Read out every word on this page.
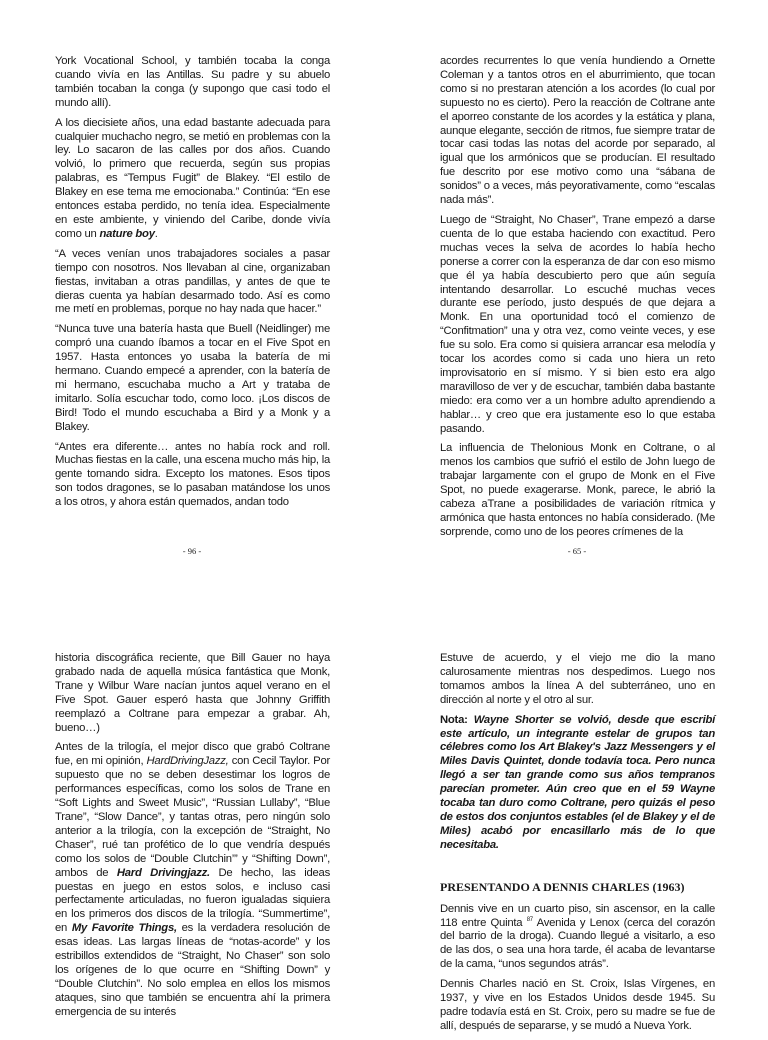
York Vocational School, y también tocaba la conga cuando vivía en las Antillas. Su padre y su abuelo también tocaban la conga (y supongo que casi todo el mundo allí).

A los diecisiete años, una edad bastante adecuada para cualquier muchacho negro, se metió en problemas con la ley. Lo sacaron de las calles por dos años. Cuando volvió, lo primero que recuerda, según sus propias palabras, es “Tempus Fugit” de Blakey. “El estilo de Blakey en ese tema me emocionaba.” Continúa: “En ese entonces estaba perdido, no tenía idea. Especialmente en este ambiente, y viniendo del Caribe, donde vivía como un nature boy.

“A veces venían unos trabajadores sociales a pasar tiempo con nosotros. Nos llevaban al cine, organizaban fiestas, invitaban a otras pandillas, y antes de que te dieras cuenta ya habían desarmado todo. Así es como me metí en problemas, porque no hay nada que hacer.”

“Nunca tuve una batería hasta que Buell (Neidlinger) me compró una cuando íbamos a tocar en el Five Spot en 1957. Hasta entonces yo usaba la batería de mi hermano. Cuando empecé a aprender, con la batería de mi hermano, escuchaba mucho a Art y trataba de imitarlo. Solía escuchar todo, como loco. ¡Los discos de Bird! Todo el mundo escuchaba a Bird y a Monk y a Blakey.

“Antes era diferente… antes no había rock and roll. Muchas fiestas en la calle, una escena mucho más hip, la gente tomando sidra. Excepto los matones. Esos tipos son todos dragones, se lo pasaban matándose los unos a los otros, y ahora están quemados, andan todo

- 96 -

acordes recurrentes lo que venía hundiendo a Ornette Coleman y a tantos otros en el aburrimiento, que tocan como si no prestaran atención a los acordes (lo cual por supuesto no es cierto). Pero la reacción de Coltrane ante el aporreo constante de los acordes y la estática y plana, aunque elegante, sección de ritmos, fue siempre tratar de tocar casi todas las notas del acorde por separado, al igual que los armónicos que se producían. El resultado fue descrito por ese motivo como una “sábana de sonidos” o a veces, más peyorativamente, como “escalas nada más”.

Luego de “Straight, No Chaser”, Trane empezó a darse cuenta de lo que estaba haciendo con exactitud. Pero muchas veces la selva de acordes lo había hecho ponerse a correr con la esperanza de dar con eso mismo que él ya había descubierto pero que aún seguía intentando desarrollar. Lo escuché muchas veces durante ese período, justo después de que dejara a Monk. En una oportunidad tocó el comienzo de “Confitmation” una y otra vez, como veinte veces, y ese fue su solo. Era como si quisiera arrancar esa melodía y tocar los acordes como si cada uno hiera un reto improvisatorio en sí mismo. Y si bien esto era algo maravilloso de ver y de escuchar, también daba bastante miedo: era como ver a un hombre adulto aprendiendo a hablar… y creo que era justamente eso lo que estaba pasando.

La influencia de Thelonious Monk en Coltrane, o al menos los cambios que sufrió el estilo de John luego de trabajar largamente con el grupo de Monk en el Five Spot, no puede exagerarse. Monk, parece, le abrió la cabeza aTrane a posibilidades de variación rítmica y armónica que hasta entonces no había considerado. (Me sorprende, como uno de los peores crímenes de la

- 65 -

historia discográfica reciente, que Bill Gauer no haya grabado nada de aquella música fantástica que Monk, Trane y Wilbur Ware nacían juntos aquel verano en el Five Spot. Gauer esperó hasta que Johnny Griffith reemplazó a Coltrane para empezar a grabar. Ah, bueno…)

Antes de la trilogía, el mejor disco que grabó Coltrane fue, en mi opinión, HardDrivingJazz, con Cecil Taylor. Por supuesto que no se deben desestimar los logros de performances específicas, como los solos de Trane en “Soft Lights and Sweet Music”, “Russian Lullaby”, “Blue Trane”, “Slow Dance”, y tantas otras, pero ningún solo anterior a la trilogía, con la excepción de “Straight, No Chaser”, rué tan profético de lo que vendría después como los solos de “Double Clutchin’” y “Shifting Down”, ambos de Hard Drivingjazz. De hecho, las ideas puestas en juego en estos solos, e incluso casi perfectamente articuladas, no fueron igualadas siquiera en los primeros dos discos de la trilogía. “Summertime”, en My Favorite Things, es la verdadera resolución de esas ideas. Las largas líneas de “notas-acorde” y los estribillos extendidos de “Straight, No Chaser” son solo los orígenes de lo que ocurre en “Shifting Down” y “Double Clutchin”. No solo emplea en ellos los mismos ataques, sino que también se encuentra ahí la primera emergencia de su interés

Estuve de acuerdo, y el viejo me dio la mano calurosamente mientras nos despedimos. Luego nos tomamos ambos la línea A del subterráneo, uno en dirección al norte y el otro al sur.

Nota: Wayne Shorter se volvió, desde que escribí este artículo, un integrante estelar de grupos tan célebres como los Art Blakey's Jazz Messengers y el Miles Davis Quintet, donde todavía toca. Pero nunca llegó a ser tan grande como sus años tempranos parecían prometer. Aún creo que en el 59 Wayne tocaba tan duro como Coltrane, pero quizás el peso de estos dos conjuntos estables (el de Blakey y el de Miles) acabó por encasillarlo más de lo que necesitaba.

PRESENTANDO A DENNIS CHARLES (1963)

Dennis vive en un cuarto piso, sin ascensor, en la calle 118 entre Quinta $^{87}$ Avenida y Lenox (cerca del corazón del barrio de la droga). Cuando llegué a visitarlo, a eso de las dos, o sea una hora tarde, él acaba de levantarse de la cama, “unos segundos atrás”.

Dennis Charles nació en St. Croix, Islas Vírgenes, en 1937, y vive en los Estados Unidos desde 1945. Su padre todavía está en St. Croix, pero su madre se fue de allí, después de separarse, y se mudó a Nueva York.
